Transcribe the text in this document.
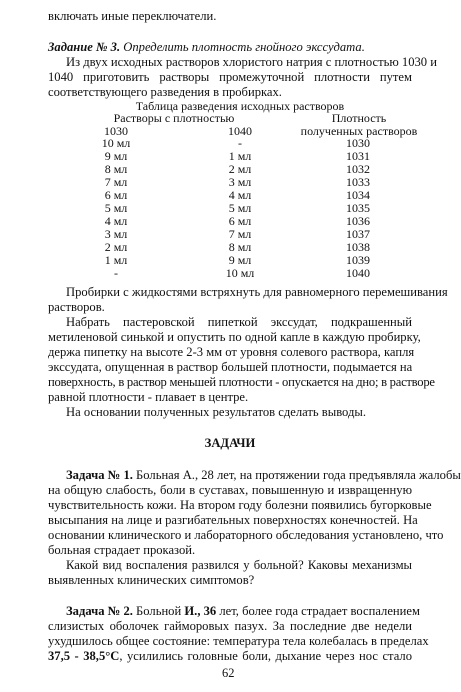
включать иные переключатели.
Задание № 3. Определить плотность гнойного экссудата.
Из двух исходных растворов хлористого натрия с плотностью 1030 и
1040 приготовить растворы промежуточной плотности путем
соответствующего разведения в пробирках.
Таблица разведения исходных растворов
Растворы с плотностью	Плотность
1030	1040	полученных растворов
10 мл	-	1030
9 мл	1 мл	1031
8 мл	2 мл	1032
7 мл	3 мл	1033
6 мл	4 мл	1034
5 мл	5 мл	1035
4 мл	6 мл	1036
3 мл	7 мл	1037
2 мл	8 мл	1038
1 мл	9 мл	1039
-	10 мл	1040
Пробирки с жидкостями встряхнуть для равномерного перемешивания
растворов.
Набрать пастеровской пипеткой экссудат, подкрашенный
метиленовой синькой и опустить по одной капле в каждую пробирку,
держа пипетку на высоте 2-3 мм от уровня солевого раствора, капля
экссудата, опущенная в раствор большей плотности, подымается на
поверхность, в раствор меньшей плотности - опускается на дно; в растворе
равной плотности - плавает в центре.
На основании полученных результатов сделать выводы.
ЗАДАЧИ
Задача № 1. Больная А., 28 лет, на протяжении года предъявляла жалобы
на общую слабость, боли в суставах, повышенную и извращенную
чувствительность кожи. На втором году болезни появились бугорковые
высыпания на лице и разгибательных поверхностях конечностей. На
основании клинического и лабораторного обследования установлено, что
больная страдает проказой.
Какой вид воспаления развился у больной? Каковы механизмы
выявленных клинических симптомов?
Задача № 2. Больной И., 36 лет, более года страдает воспалением
слизистых оболочек гайморовых пазух. За последние две недели
ухудшилось общее состояние: температура тела колебалась в пределах
37,5 - 38,5°С, усилились головные боли, дыхание через нос стало
62
